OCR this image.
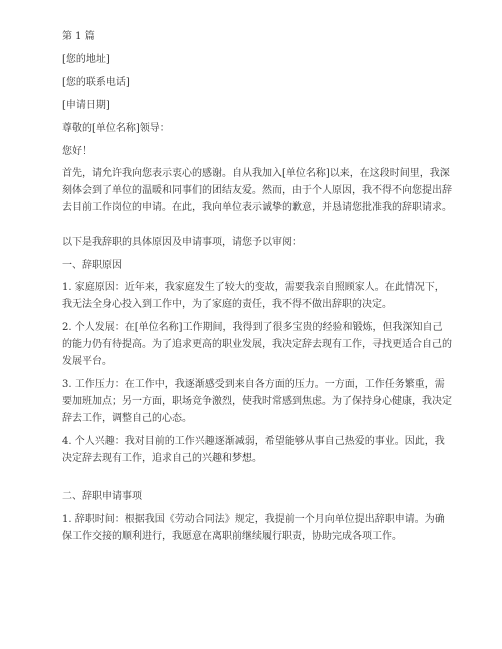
第 1 篇
[您的地址]
[您的联系电话]
[申请日期]
尊敬的[单位名称]领导：
您好！
首先，请允许我向您表示衷心的感谢。自从我加入[单位名称]以来，在这段时间里，我深刻体会到了单位的温暖和同事们的团结友爱。然而，由于个人原因，我不得不向您提出辞去目前工作岗位的申请。在此，我向单位表示诚挚的歉意，并恳请您批准我的辞职请求。
以下是我辞职的具体原因及申请事项，请您予以审阅：
一、辞职原因
1. 家庭原因：近年来，我家庭发生了较大的变故，需要我亲自照顾家人。在此情况下，我无法全身心投入到工作中，为了家庭的责任，我不得不做出辞职的决定。
2. 个人发展：在[单位名称]工作期间，我得到了很多宝贵的经验和锻炼，但我深知自己的能力仍有待提高。为了追求更高的职业发展，我决定辞去现有工作，寻找更适合自己的发展平台。
3. 工作压力：在工作中，我逐渐感受到来自各方面的压力。一方面，工作任务繁重，需要加班加点；另一方面，职场竞争激烈，使我时常感到焦虑。为了保持身心健康，我决定辞去工作，调整自己的心态。
4. 个人兴趣：我对目前的工作兴趣逐渐减弱，希望能够从事自己热爱的事业。因此，我决定辞去现有工作，追求自己的兴趣和梦想。
二、辞职申请事项
1. 辞职时间：根据我国《劳动合同法》规定，我提前一个月向单位提出辞职申请。为确保工作交接的顺利进行，我愿意在离职前继续履行职责，协助完成各项工作。
